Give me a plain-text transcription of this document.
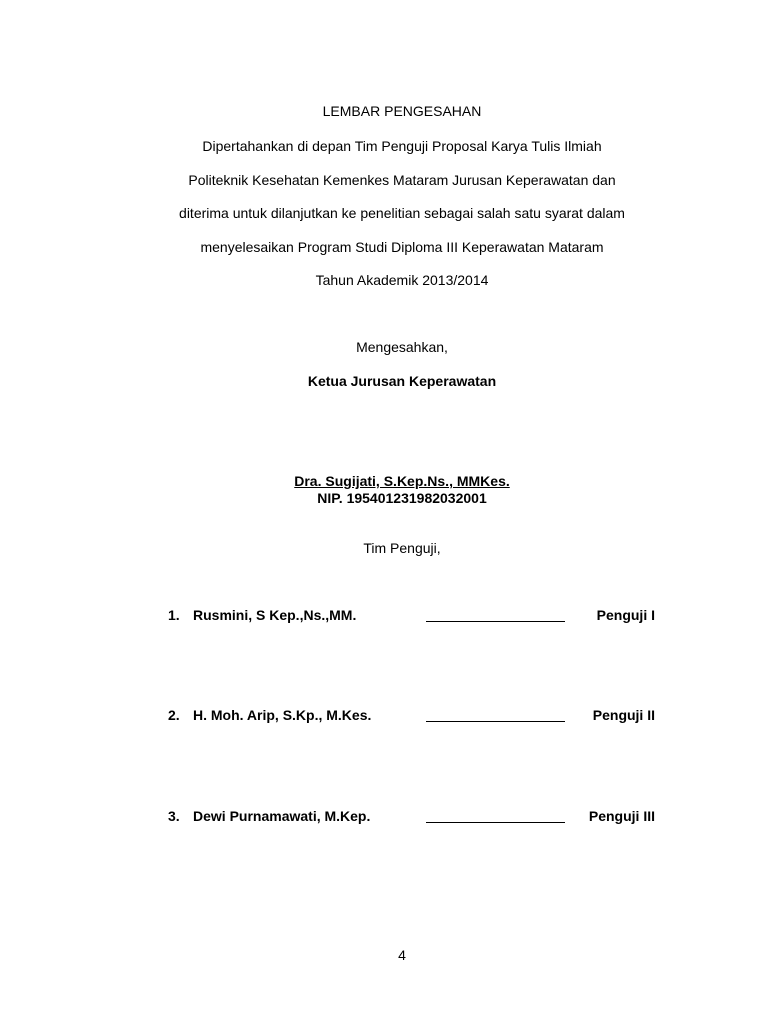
LEMBAR PENGESAHAN
Dipertahankan di depan Tim Penguji Proposal Karya Tulis Ilmiah
Politeknik Kesehatan Kemenkes Mataram Jurusan Keperawatan dan
diterima untuk dilanjutkan ke penelitian sebagai salah satu syarat dalam
menyelesaikan Program Studi Diploma III Keperawatan Mataram
Tahun Akademik 2013/2014
Mengesahkan,
Ketua Jurusan Keperawatan
Dra. Sugijati, S.Kep.Ns., MMKes.
NIP. 195401231982032001
Tim Penguji,
1. Rusmini, S Kep.,Ns.,MM.	Penguji I
2. H. Moh. Arip, S.Kp., M.Kes.	Penguji II
3. Dewi Purnamawati, M.Kep.	Penguji III
4
